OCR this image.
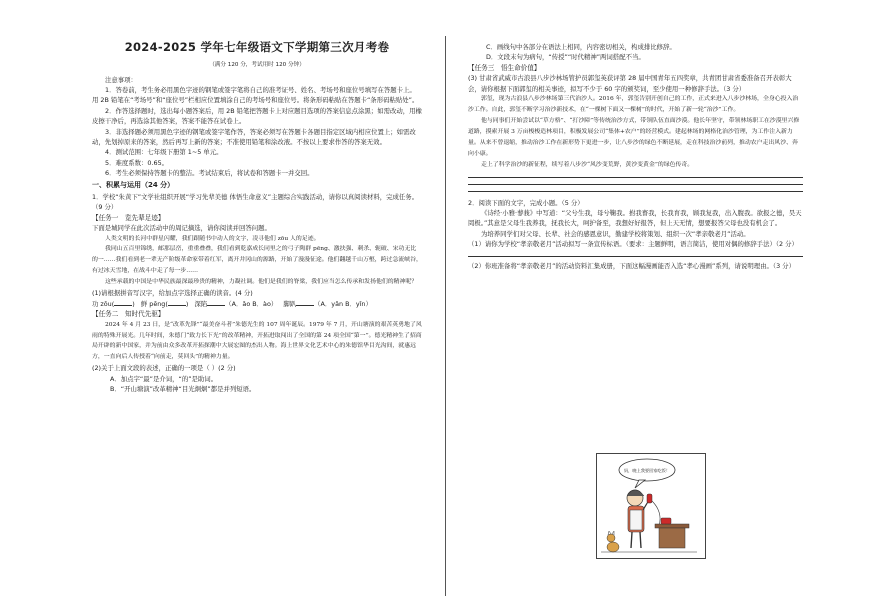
2024-2025 学年七年级语文下学期第三次月考卷
（满分 120 分，考试用时 120 分钟）

注意事项：

1．答卷前，考生务必用黑色字迹的钢笔或签字笔将自己的准考证号、姓名、考场号和座位号填写在答题卡上。用 2B 铅笔在“考场号”和“座位号”栏相应位置填涂自己的考场号和座位号。将条形码粘贴在答题卡“条形码粘贴处”。

2．作答选择题时，选出每小题答案后，用 2B 铅笔把答题卡上对应题目选项的答案信息点涂黑；如需改动，用橡皮擦干净后，再选涂其他答案，答案不能答在试卷上。

3．非选择题必须用黑色字迹的钢笔或签字笔作答，答案必须写在答题卡各题目指定区域内相应位置上；如需改动，先划掉原来的答案，然后再写上新的答案；不准使用铅笔和涂改液。不按以上要求作答的答案无效。

4．测试范围：七年级下册第 1~5 单元。

5．难度系数：0.65。

6．考生必须保持答题卡的整洁。考试结束后，将试卷和答题卡一并交回。

一、积累与运用（24 分）

1．学校“朱黄下”文学社组织开展“学习先辈美德 体悟生命意义”主题综合实践活动，请你以真阅读材料，完成任务。（9 分）

【任务一　览先辈足迹】

下面是城同学在此次活动中的周记摘选，请你阅读并回答问题。

人类文明的长河中群星闪耀，我们跟随书中动人的文字，凌寻他们 zōu 人的足迹。

我同山五百里锦绣，邮那层峦，重重叠叠，我们看到乾嘉成长同里之的弓子陶群 pēng、激扶强、刺杀、轭破、宋功无比的一……我们看到老一辈无产阶级革命家带着红军，离开井冈山的源路，开始了漫漫征途。他们翻越千山万壑，跨过急流峡谷，有过冰天雪地，在战斗中走了每一步……

这些承载的中国是中华民族最深最珍贵的精神，力凝社调。他们是我们的脊梁，我们应当怎么传承和发扬他们的精神呢？

(1)请根据拼音写汉字，给加点字选择正确的读音。(4 分)

功 zōu(	) 鲜 pēng(	) 深陷	（A．ǎo B．ào） 脚趴	（A．yǎn B．yǐn）

【任务二　知时代先驱】

2024 年 4 月 23 日，是“改革先锋”“最美奋斗者”朱德光生的 107 周年诞辰。1979 年 7 月，开山塘演的艰苦英勇地了风雨的特殊开展光。几年时间，朱德门“致力长下光”的改革精神，开拓进取闯出了全国的第 24 项全国“第一”。德光精神生了招商局开辟的新中国家，并为前由众多改革开拓探潮中大展宏图的杰出人物。海上世界文化艺术中心的朱德馆华目光沟间，就惠远方，一直向后人传授着“向前走，莫回头”的精神力量。

(2)关于上面文段的表述，正确的一项是（ ）(2 分)

A．加点字“最”是介词，“的”是助词。

B．“开山塘演”改革精神“目光炯炯”都是并列短语。

C．画线句中各部分在语法上相同，内容密切相关，构成排比修辞。

D．文段末句为病句，“传授”“时代精神”两词搭配不当。

【任务三　悟生命价值】

(3) 甘肃省武威市古浪县八步沙林场管护员郭玺英获评第 28 届中国青年五四奖章，共青团甘肃省委准备召开表彰大会，请你根据下面郭玺的相关事迹，拟写不少于 60 字的颁奖词，至少使用一种修辞手法。（3 分）

郭玺，现为古浪县八步沙林场第三代治沙人。2016 年，郭玺告别开创自己的工作，正式来进入八步沙林场，全身心投入治沙工作。自此，郭玺不断学习治沙新技术，在“一棵树下面又一棵树”的时代，开始了新一轮“治沙”工作。

他与同事们开始尝试以“草方格”、“打沙障”等传统治沙方式，带领队伍直面沙漠。他长年坚守，带领林场职工在沙漠里兴修道路，摸索开展 3 万亩梭梭造林项目，积极发展公司“集体+农户”的经营模式。建起林场的网格化治沙管理，为工作注入新力量。从来不曾退缩，推动治沙工作在新形势下更进一步，让八步沙的绿色不断延展，走在科技治沙前列，推动农户走出风沙、奔向小康。

走上了科学治沙的新征程，续写着八步沙“风沙变荒野，黄沙变黄金”的绿色传奇。

2．阅读下面的文字，完成小题。（5 分）

《诗经·小雅·蓼莪》中写道：“父兮生我，母兮鞠我。拊我畜我，长我育我，顾我复我，出入腹我。欲报之德，昊天罔极。”其意是父母生我养我，抚我长大，呵护备至，我想好好报答，但上天无情，想要报答父母也没有机会了。

为培养同学们对父母、长辈、社会的感恩意识，勤建学校将策划、组织一次“孝亲敬老月”活动。

（1）请你为学校“孝亲敬老月”活动拟写一条宣传标语。（要求：主题鲜明，语言简洁，使用对偶的修辞手法）（2 分）

（2）你班准备将“孝亲敬老月”的活动资料汇集成册，下面这幅漫画能否入选“孝心漫画”系列，请说明理由。（3 分）

妈，晚上我要回家吃饭！
